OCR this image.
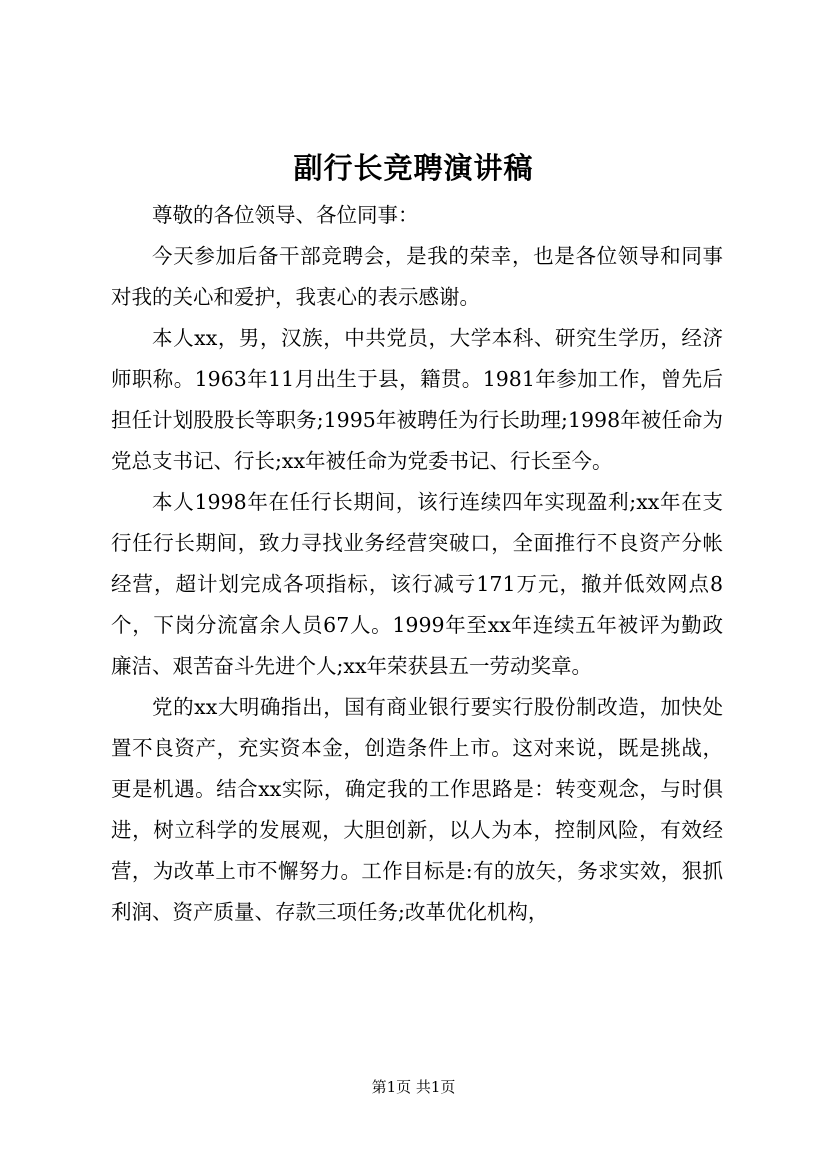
副行长竞聘演讲稿

尊敬的各位领导、各位同事：

今天参加后备干部竞聘会，是我的荣幸，也是各位领导和同事对我的关心和爱护，我衷心的表示感谢。

本人xx，男，汉族，中共党员，大学本科、研究生学历，经济师职称。1963年11月出生于县，籍贯。1981年参加工作，曾先后担任计划股股长等职务;1995年被聘任为行长助理;1998年被任命为党总支书记、行长;xx年被任命为党委书记、行长至今。

本人1998年在任行长期间，该行连续四年实现盈利;xx年在支行任行长期间，致力寻找业务经营突破口，全面推行不良资产分帐经营，超计划完成各项指标，该行减亏171万元，撤并低效网点8个，下岗分流富余人员67人。1999年至xx年连续五年被评为勤政廉洁、艰苦奋斗先进个人;xx年荣获县五一劳动奖章。

党的xx大明确指出，国有商业银行要实行股份制改造，加快处置不良资产，充实资本金，创造条件上市。这对来说，既是挑战，更是机遇。结合xx实际，确定我的工作思路是：转变观念，与时俱进，树立科学的发展观，大胆创新，以人为本，控制风险，有效经营，为改革上市不懈努力。工作目标是:有的放矢，务求实效，狠抓利润、资产质量、存款三项任务;改革优化机构，

第1页 共1页
